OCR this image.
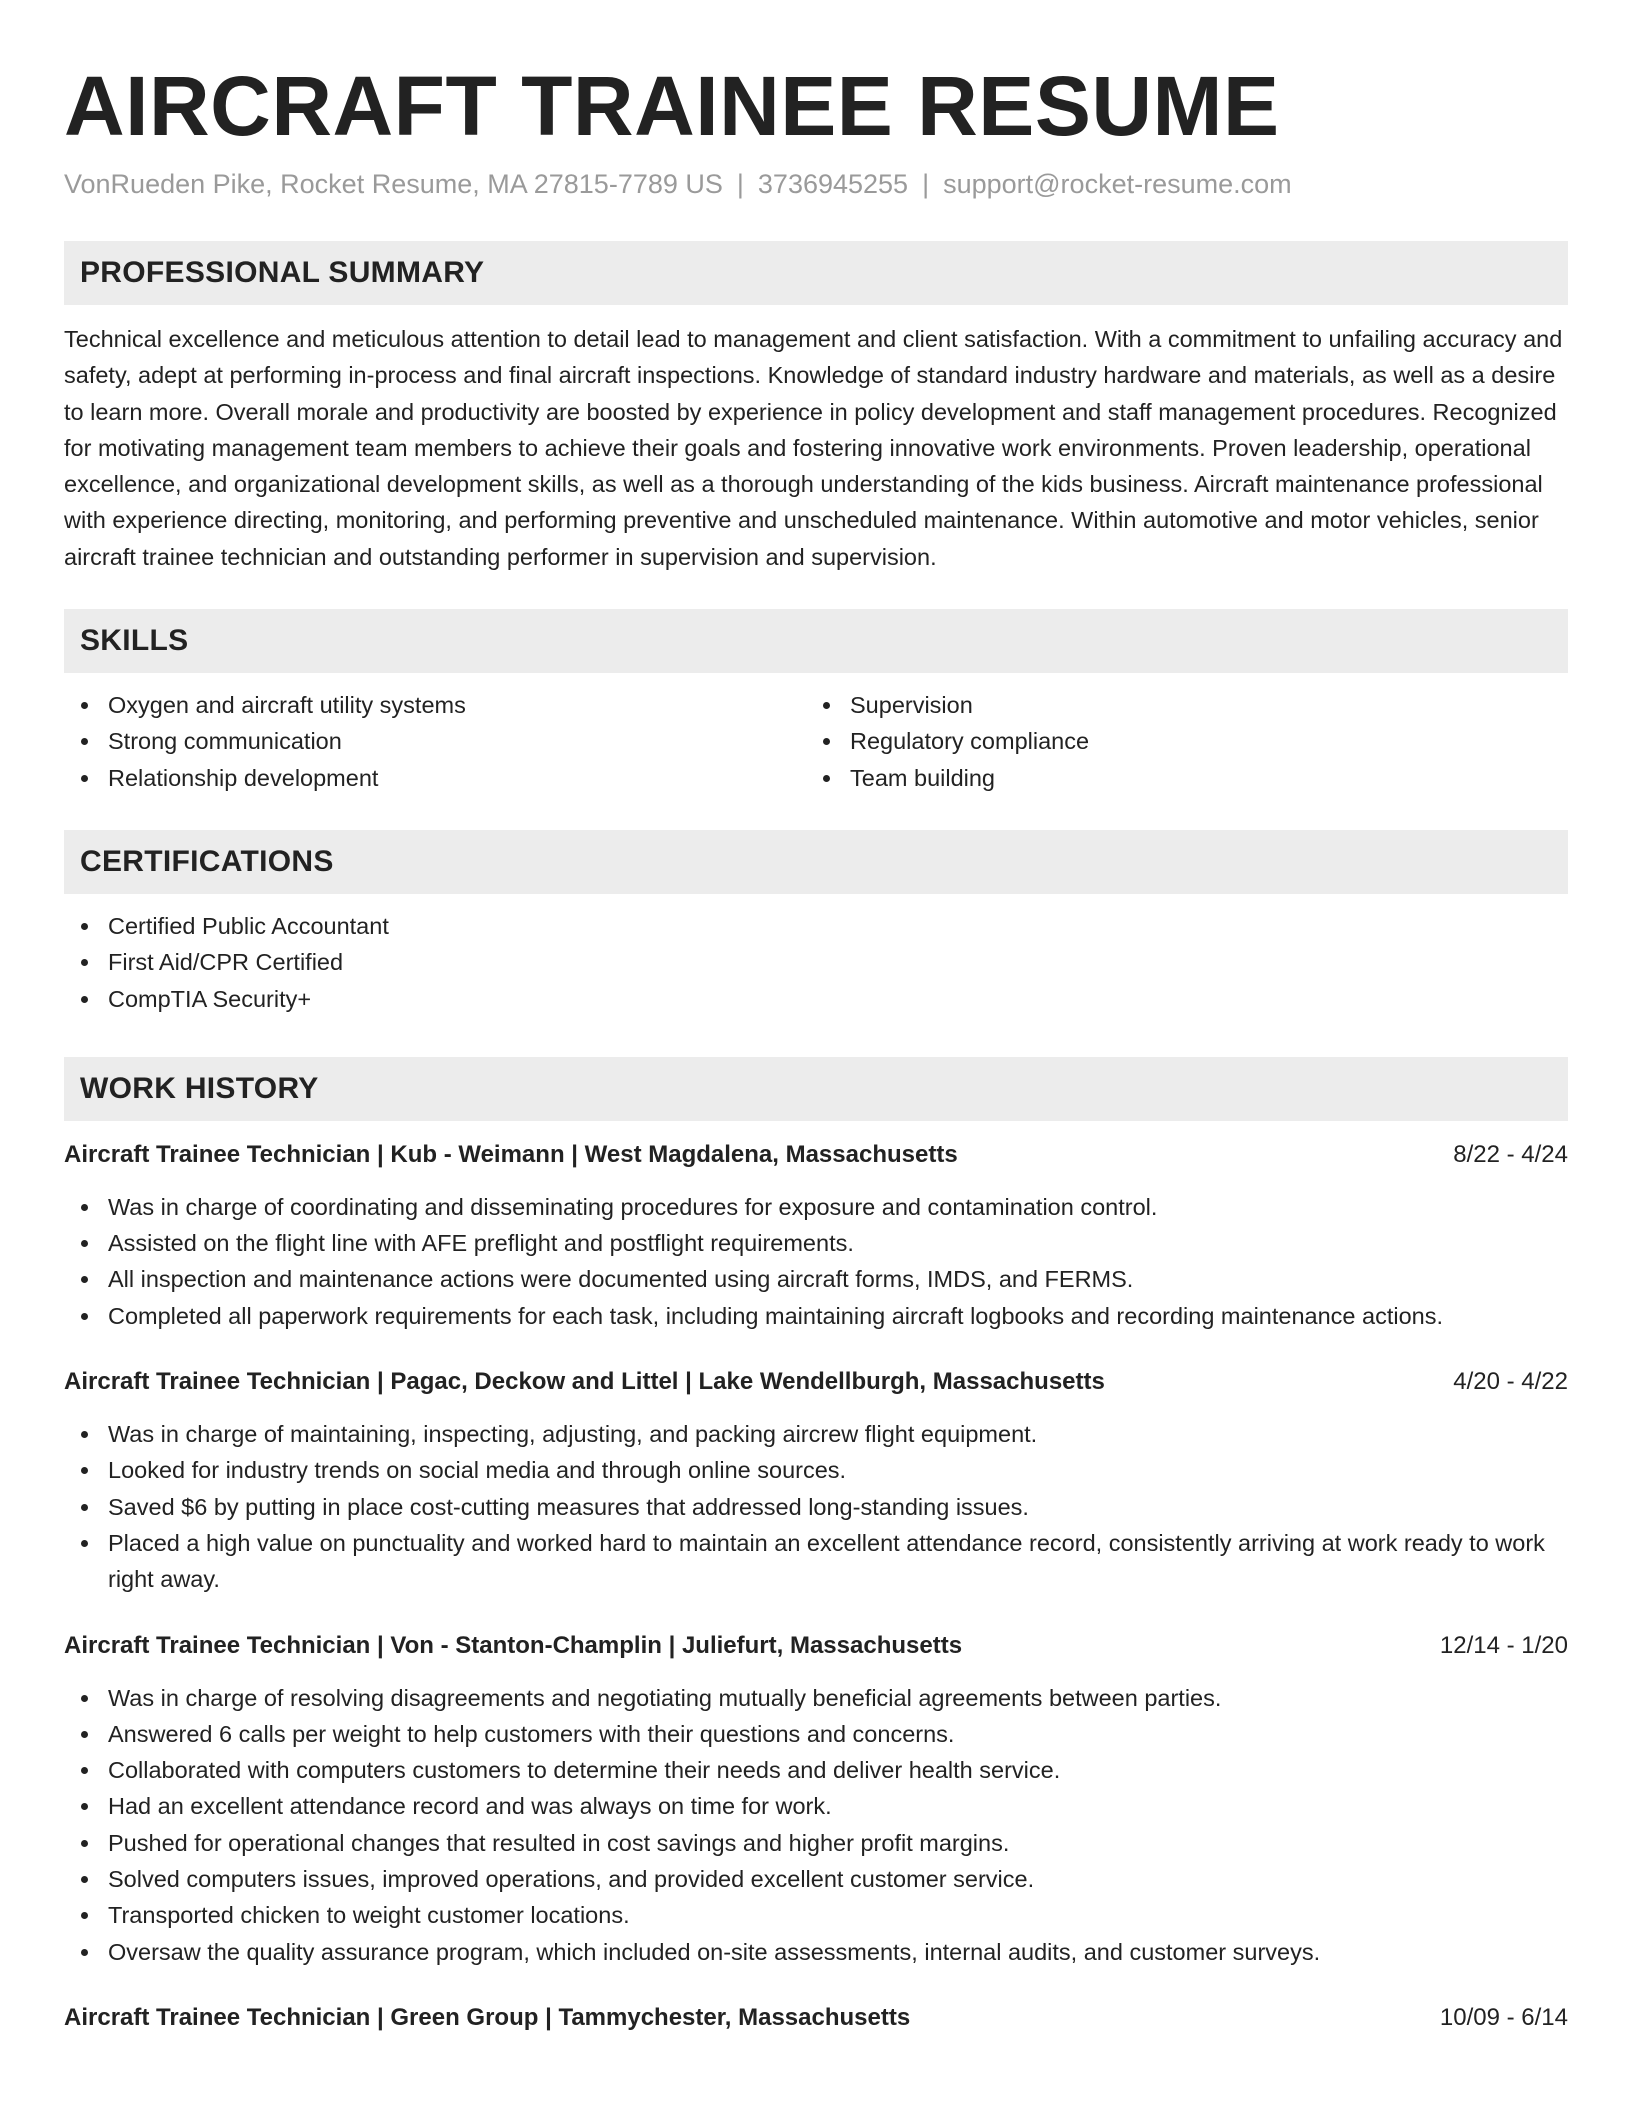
AIRCRAFT TRAINEE RESUME
VonRueden Pike, Rocket Resume, MA 27815-7789 US | 3736945255 | support@rocket-resume.com
PROFESSIONAL SUMMARY
Technical excellence and meticulous attention to detail lead to management and client satisfaction. With a commitment to unfailing accuracy and safety, adept at performing in-process and final aircraft inspections. Knowledge of standard industry hardware and materials, as well as a desire to learn more. Overall morale and productivity are boosted by experience in policy development and staff management procedures. Recognized for motivating management team members to achieve their goals and fostering innovative work environments. Proven leadership, operational excellence, and organizational development skills, as well as a thorough understanding of the kids business. Aircraft maintenance professional with experience directing, monitoring, and performing preventive and unscheduled maintenance. Within automotive and motor vehicles, senior aircraft trainee technician and outstanding performer in supervision and supervision.
SKILLS
Oxygen and aircraft utility systems
Strong communication
Relationship development
Supervision
Regulatory compliance
Team building
CERTIFICATIONS
Certified Public Accountant
First Aid/CPR Certified
CompTIA Security+
WORK HISTORY
Aircraft Trainee Technician | Kub - Weimann | West Magdalena, Massachusetts	8/22 - 4/24
Was in charge of coordinating and disseminating procedures for exposure and contamination control.
Assisted on the flight line with AFE preflight and postflight requirements.
All inspection and maintenance actions were documented using aircraft forms, IMDS, and FERMS.
Completed all paperwork requirements for each task, including maintaining aircraft logbooks and recording maintenance actions.
Aircraft Trainee Technician | Pagac, Deckow and Littel | Lake Wendellburgh, Massachusetts	4/20 - 4/22
Was in charge of maintaining, inspecting, adjusting, and packing aircrew flight equipment.
Looked for industry trends on social media and through online sources.
Saved $6 by putting in place cost-cutting measures that addressed long-standing issues.
Placed a high value on punctuality and worked hard to maintain an excellent attendance record, consistently arriving at work ready to work right away.
Aircraft Trainee Technician | Von - Stanton-Champlin | Juliefurt, Massachusetts	12/14 - 1/20
Was in charge of resolving disagreements and negotiating mutually beneficial agreements between parties.
Answered 6 calls per weight to help customers with their questions and concerns.
Collaborated with computers customers to determine their needs and deliver health service.
Had an excellent attendance record and was always on time for work.
Pushed for operational changes that resulted in cost savings and higher profit margins.
Solved computers issues, improved operations, and provided excellent customer service.
Transported chicken to weight customer locations.
Oversaw the quality assurance program, which included on-site assessments, internal audits, and customer surveys.
Aircraft Trainee Technician | Green Group | Tammychester, Massachusetts	10/09 - 6/14
